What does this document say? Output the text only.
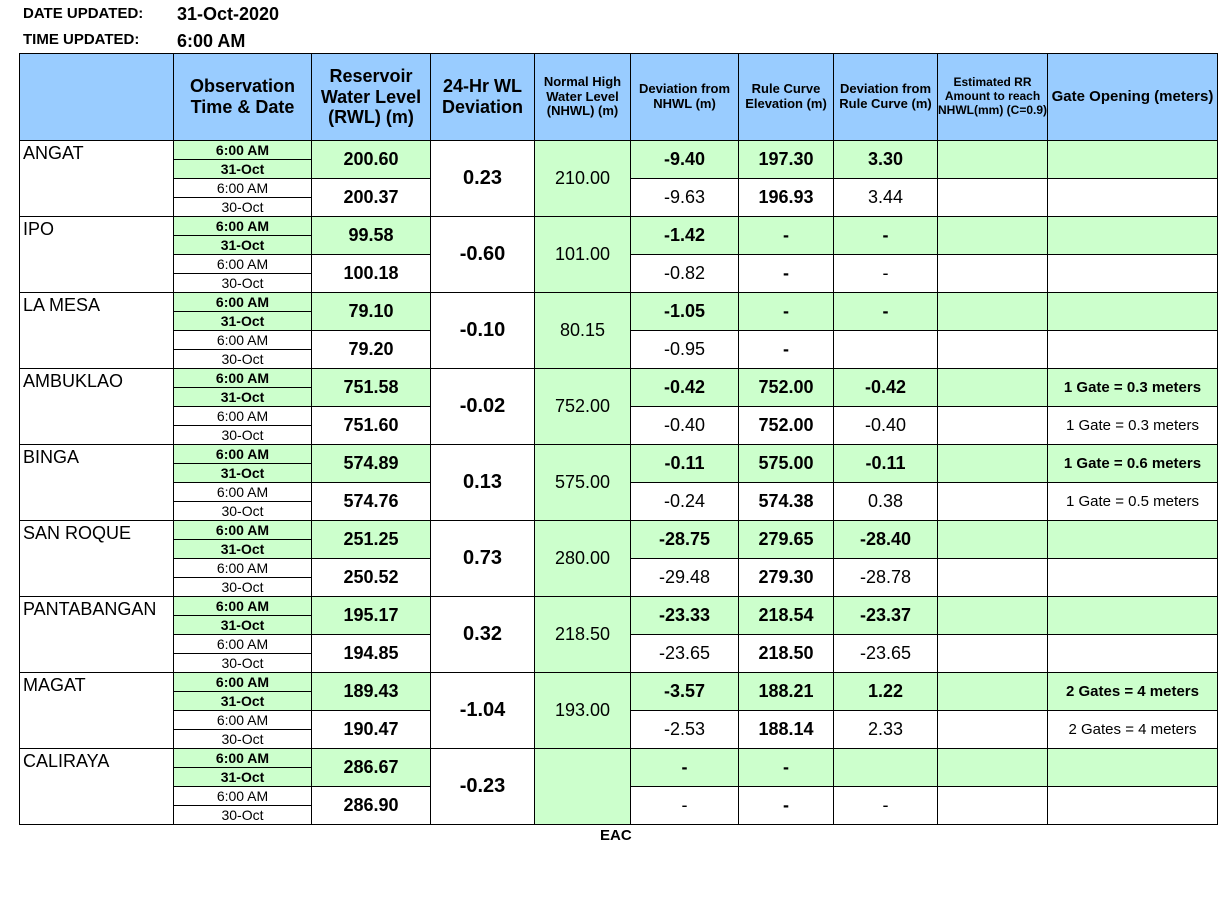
DATE UPDATED: 31-Oct-2020
TIME UPDATED: 6:00 AM
	Observation Time & Date	Reservoir Water Level (RWL) (m)	24-Hr WL Deviation	Normal High Water Level (NHWL) (m)	Deviation from NHWL (m)	Rule Curve Elevation (m)	Deviation from Rule Curve (m)	Estimated RR Amount to reach NHWL(mm) (C=0.9)	Gate Opening (meters)
ANGAT	6:00 AM	200.60	0.23	210.00	-9.40	197.30	3.30		
	31-Oct								
	6:00 AM	200.37			-9.63	196.93	3.44		
	30-Oct								
IPO	6:00 AM	99.58	-0.60	101.00	-1.42	-	-		
	31-Oct								
	6:00 AM	100.18			-0.82	-	-		
	30-Oct								
LA MESA	6:00 AM	79.10	-0.10	80.15	-1.05	-	-		
	31-Oct								
	6:00 AM	79.20			-0.95	-			
	30-Oct								
AMBUKLAO	6:00 AM	751.58	-0.02	752.00	-0.42	752.00	-0.42		1 Gate = 0.3 meters
	31-Oct								
	6:00 AM	751.60			-0.40	752.00	-0.40		1 Gate = 0.3 meters
	30-Oct								
BINGA	6:00 AM	574.89	0.13	575.00	-0.11	575.00	-0.11		1 Gate = 0.6 meters
	31-Oct								
	6:00 AM	574.76			-0.24	574.38	0.38		1 Gate = 0.5 meters
	30-Oct								
SAN ROQUE	6:00 AM	251.25	0.73	280.00	-28.75	279.65	-28.40		
	31-Oct								
	6:00 AM	250.52			-29.48	279.30	-28.78		
	30-Oct								
PANTABANGAN	6:00 AM	195.17	0.32	218.50	-23.33	218.54	-23.37		
	31-Oct								
	6:00 AM	194.85			-23.65	218.50	-23.65		
	30-Oct								
MAGAT	6:00 AM	189.43	-1.04	193.00	-3.57	188.21	1.22		2 Gates = 4 meters
	31-Oct								
	6:00 AM	190.47			-2.53	188.14	2.33		2 Gates = 4 meters
	30-Oct								
CALIRAYA	6:00 AM	286.67	-0.23		-	-			
	31-Oct								
	6:00 AM	286.90			-	-	-		
	30-Oct								
EAC
